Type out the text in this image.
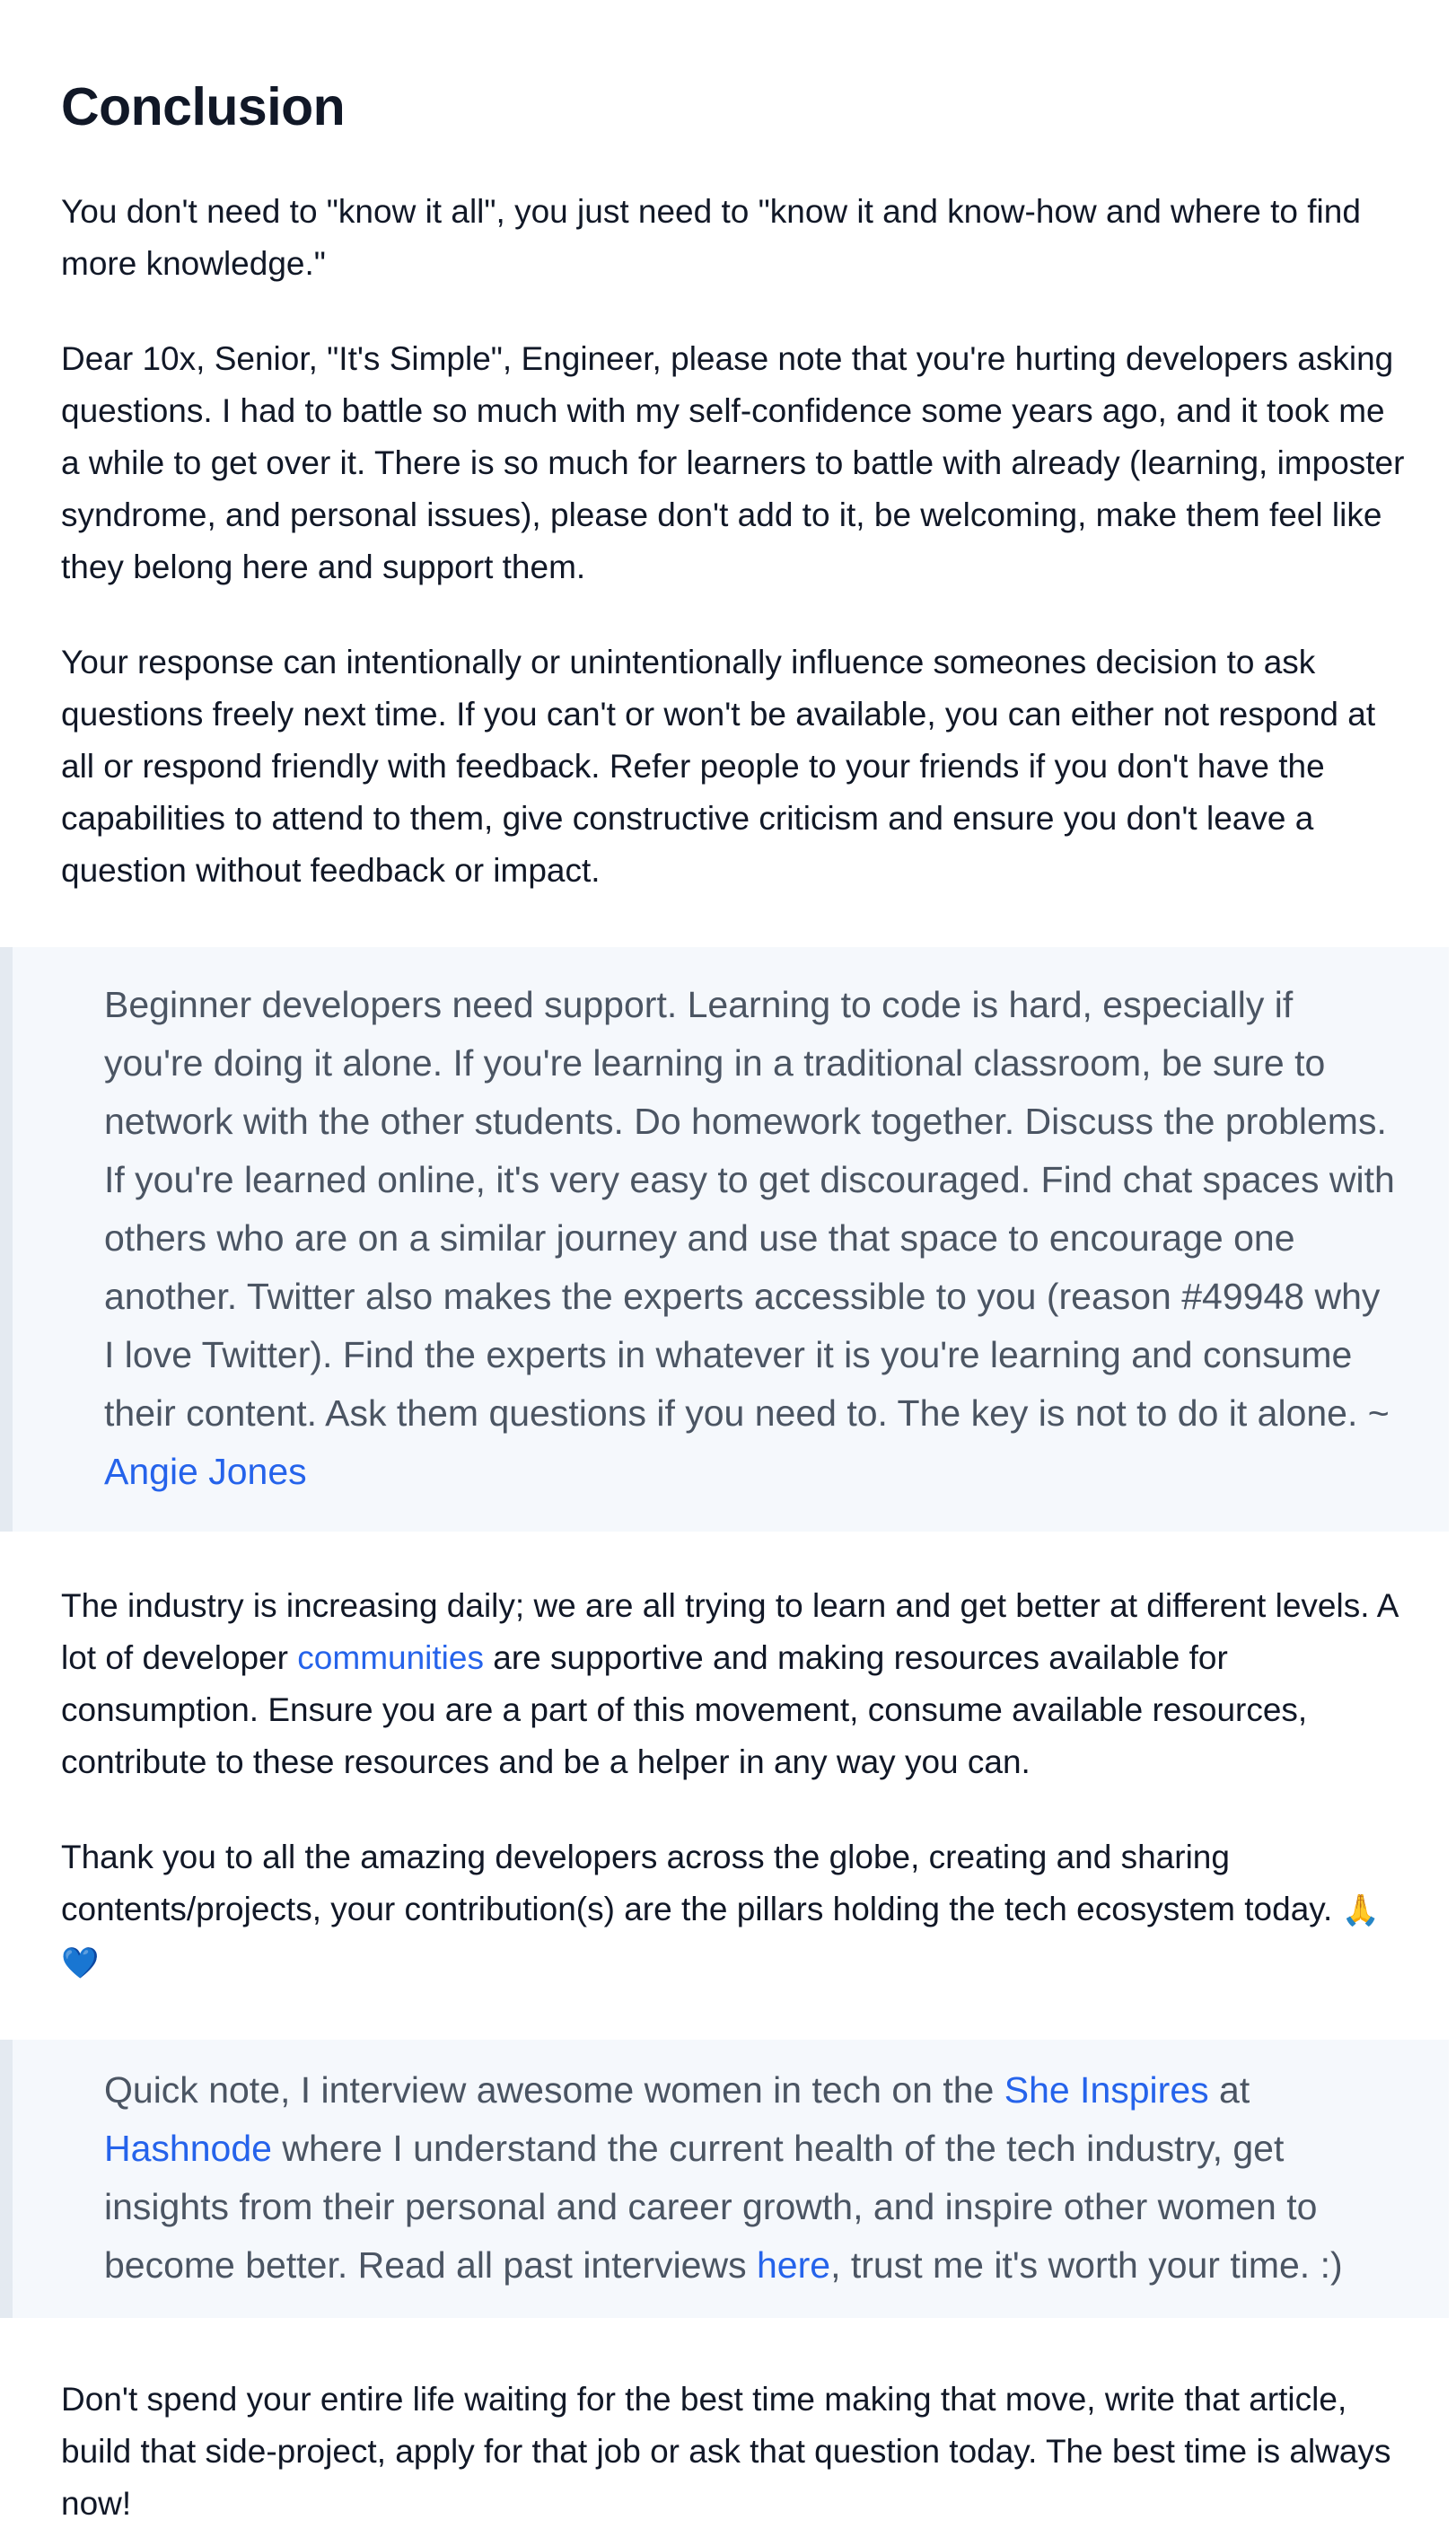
Conclusion

You don't need to "know it all", you just need to "know it and know-how and where to find more knowledge."

Dear 10x, Senior, "It's Simple", Engineer, please note that you're hurting developers asking questions. I had to battle so much with my self-confidence some years ago, and it took me a while to get over it. There is so much for learners to battle with already (learning, imposter syndrome, and personal issues), please don't add to it, be welcoming, make them feel like they belong here and support them.

Your response can intentionally or unintentionally influence someones decision to ask questions freely next time. If you can't or won't be available, you can either not respond at all or respond friendly with feedback. Refer people to your friends if you don't have the capabilities to attend to them, give constructive criticism and ensure you don't leave a question without feedback or impact.

Beginner developers need support. Learning to code is hard, especially if you're doing it alone. If you're learning in a traditional classroom, be sure to network with the other students. Do homework together. Discuss the problems. If you're learned online, it's very easy to get discouraged. Find chat spaces with others who are on a similar journey and use that space to encourage one another. Twitter also makes the experts accessible to you (reason #49948 why I love Twitter). Find the experts in whatever it is you're learning and consume their content. Ask them questions if you need to. The key is not to do it alone. ~ Angie Jones

The industry is increasing daily; we are all trying to learn and get better at different levels. A lot of developer communities are supportive and making resources available for consumption. Ensure you are a part of this movement, consume available resources, contribute to these resources and be a helper in any way you can.

Thank you to all the amazing developers across the globe, creating and sharing contents/projects, your contribution(s) are the pillars holding the tech ecosystem today. 🙏💙

Quick note, I interview awesome women in tech on the She Inspires at Hashnode where I understand the current health of the tech industry, get insights from their personal and career growth, and inspire other women to become better. Read all past interviews here, trust me it's worth your time. :)

Don't spend your entire life waiting for the best time making that move, write that article, build that side-project, apply for that job or ask that question today. The best time is always now!
